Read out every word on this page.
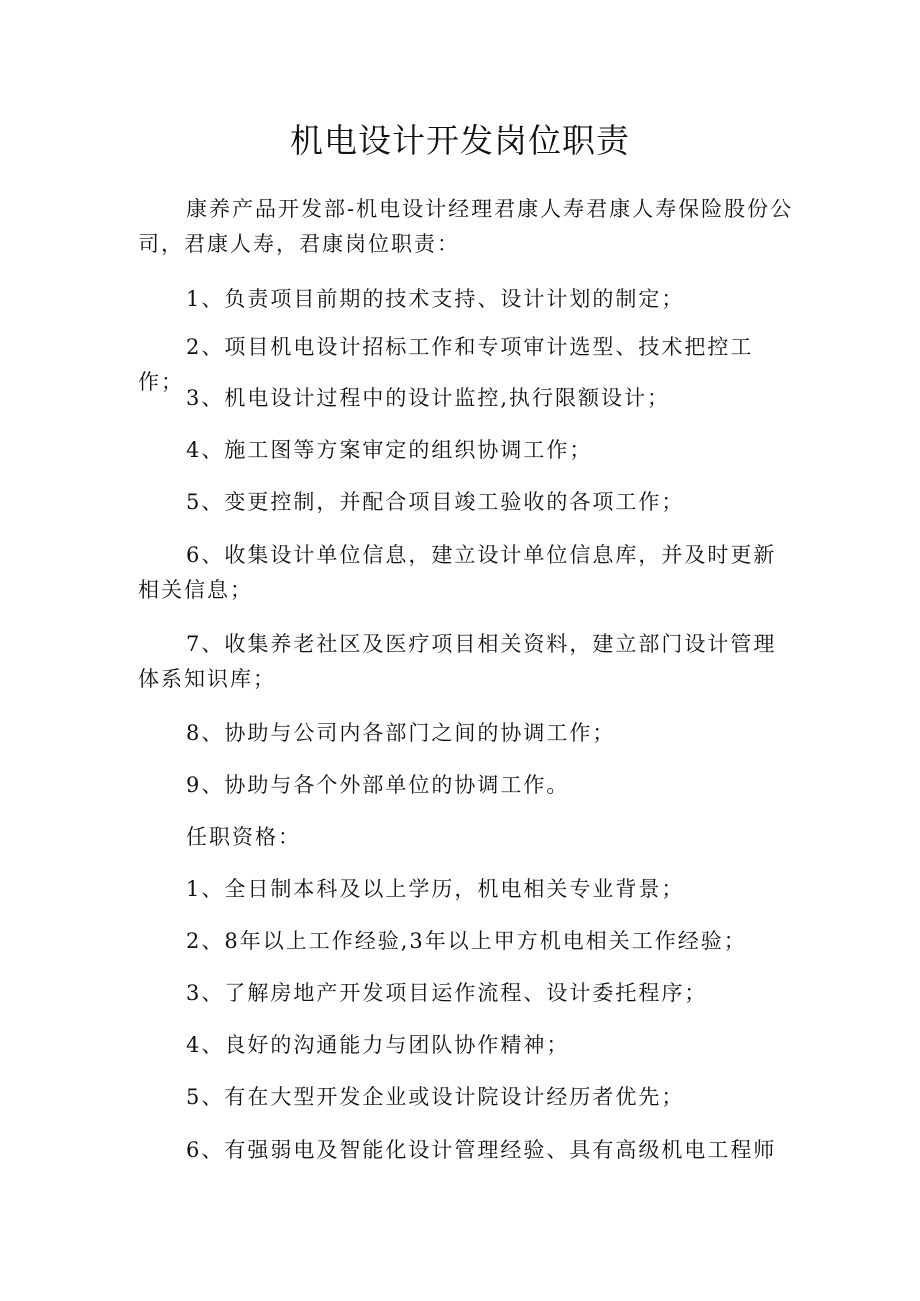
机电设计开发岗位职责

康养产品开发部-机电设计经理君康人寿君康人寿保险股份公司，君康人寿，君康岗位职责：

1、负责项目前期的技术支持、设计计划的制定；

2、项目机电设计招标工作和专项审计选型、技术把控工作；

3、机电设计过程中的设计监控,执行限额设计；

4、施工图等方案审定的组织协调工作；

5、变更控制，并配合项目竣工验收的各项工作；

6、收集设计单位信息，建立设计单位信息库，并及时更新相关信息；

7、收集养老社区及医疗项目相关资料，建立部门设计管理体系知识库；

8、协助与公司内各部门之间的协调工作；

9、协助与各个外部单位的协调工作。

任职资格：

1、全日制本科及以上学历，机电相关专业背景；

2、8年以上工作经验,3年以上甲方机电相关工作经验；

3、了解房地产开发项目运作流程、设计委托程序；

4、良好的沟通能力与团队协作精神；

5、有在大型开发企业或设计院设计经历者优先；

6、有强弱电及智能化设计管理经验、具有高级机电工程师
